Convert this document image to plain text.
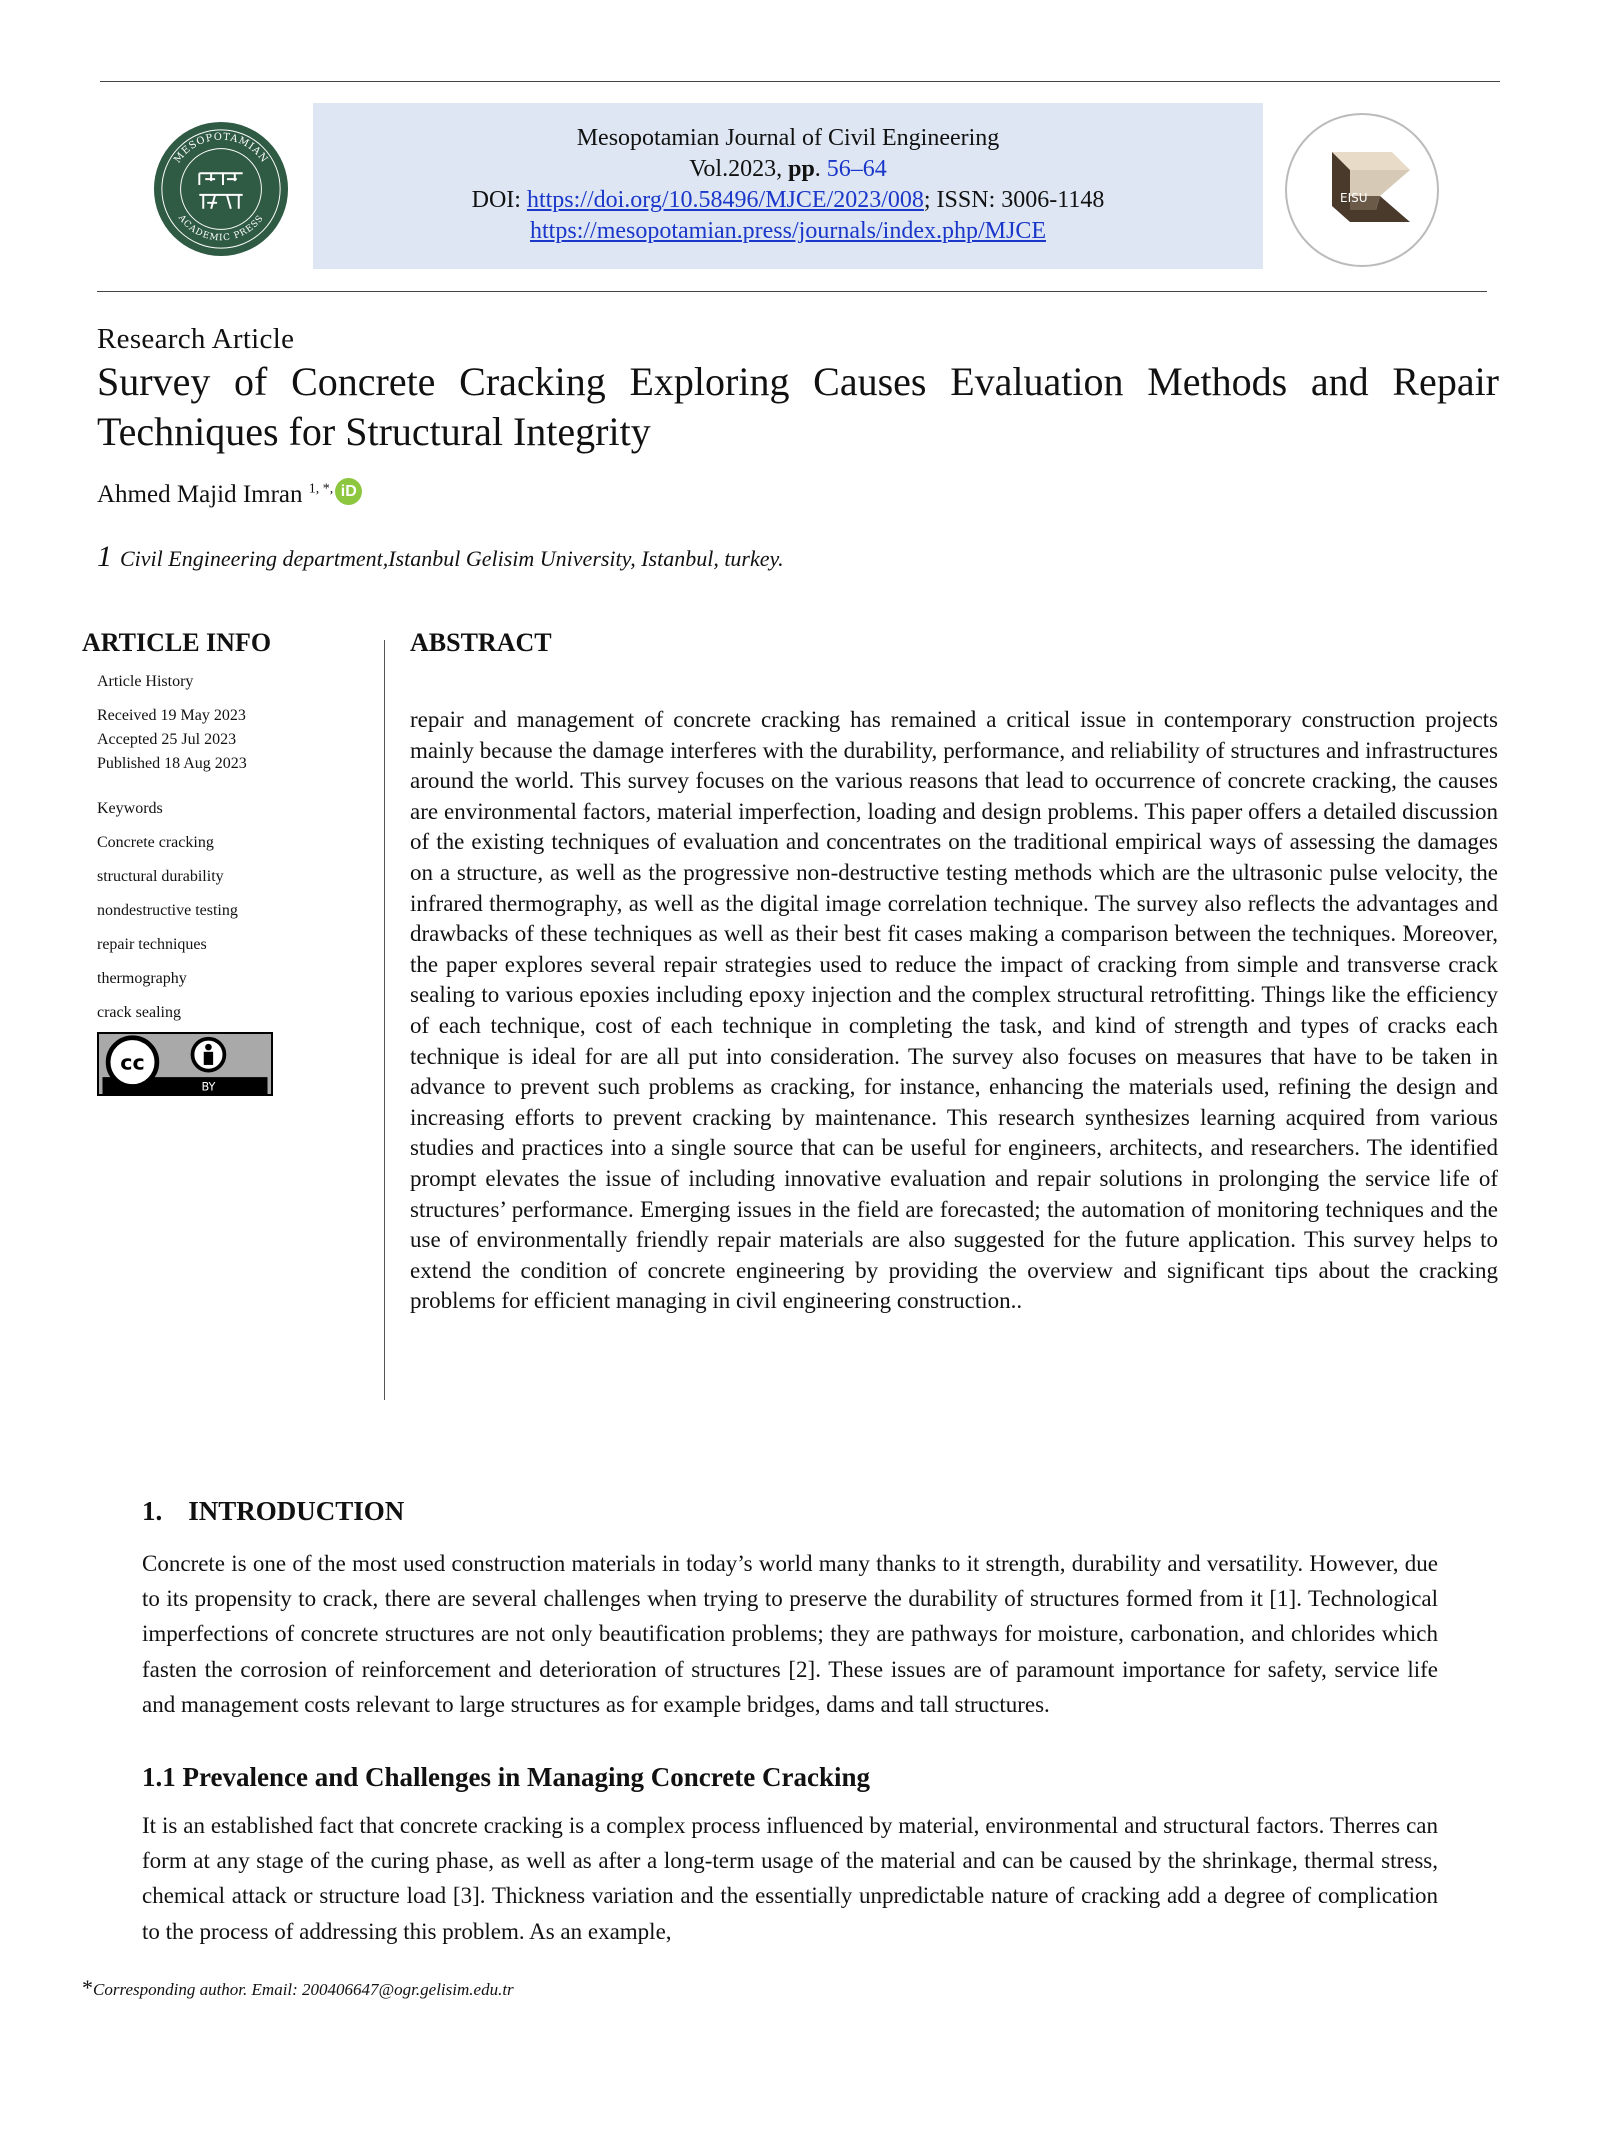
MESOPOTAMIAN
ACADEMIC PRESS
Mesopotamian Journal of Civil Engineering
Vol.2023, pp. 56–64
DOI: https://doi.org/10.58496/MJCE/2023/008; ISSN: 3006-1148
https://mesopotamian.press/journals/index.php/MJCE
EISU
Research Article
Survey of Concrete Cracking Exploring Causes Evaluation Methods and Repair Techniques for Structural Integrity
Ahmed Majid Imran $^{1, *,}$ iD
1 Civil Engineering department,Istanbul Gelisim University, Istanbul, turkey.
ARTICLE INFO
Article History
Received 19 May 2023
Accepted 25 Jul 2023
Published 18 Aug 2023
Keywords
Concrete cracking
structural durability
nondestructive testing
repair techniques
thermography
crack sealing
cc
BY
ABSTRACT

repair and management of concrete cracking has remained a critical issue in contemporary construction projects mainly because the damage interferes with the durability, performance, and reliability of structures and infrastructures around the world. This survey focuses on the various reasons that lead to occurrence of concrete cracking, the causes are environmental factors, material imperfection, loading and design problems. This paper offers a detailed discussion of the existing techniques of evaluation and concentrates on the traditional empirical ways of assessing the damages on a structure, as well as the progressive non-destructive testing methods which are the ultrasonic pulse velocity, the infrared thermography, as well as the digital image correlation technique. The survey also reflects the advantages and drawbacks of these techniques as well as their best fit cases making a comparison between the techniques. Moreover, the paper explores several repair strategies used to reduce the impact of cracking from simple and transverse crack sealing to various epoxies including epoxy injection and the complex structural retrofitting. Things like the efficiency of each technique, cost of each technique in completing the task, and kind of strength and types of cracks each technique is ideal for are all put into consideration. The survey also focuses on measures that have to be taken in advance to prevent such problems as cracking, for instance, enhancing the materials used, refining the design and increasing efforts to prevent cracking by maintenance. This research synthesizes learning acquired from various studies and practices into a single source that can be useful for engineers, architects, and researchers. The identified prompt elevates the issue of including innovative evaluation and repair solutions in prolonging the service life of structures’ performance. Emerging issues in the field are forecasted; the automation of monitoring techniques and the use of environmentally friendly repair materials are also suggested for the future application. This survey helps to extend the condition of concrete engineering by providing the overview and significant tips about the cracking problems for efficient managing in civil engineering construction..

1. INTRODUCTION

Concrete is one of the most used construction materials in today’s world many thanks to it strength, durability and versatility. However, due to its propensity to crack, there are several challenges when trying to preserve the durability of structures formed from it [1]. Technological imperfections of concrete structures are not only beautification problems; they are pathways for moisture, carbonation, and chlorides which fasten the corrosion of reinforcement and deterioration of structures [2]. These issues are of paramount importance for safety, service life and management costs relevant to large structures as for example bridges, dams and tall structures.

1.1 Prevalence and Challenges in Managing Concrete Cracking

It is an established fact that concrete cracking is a complex process influenced by material, environmental and structural factors. Therres can form at any stage of the curing phase, as well as after a long-term usage of the material and can be caused by the shrinkage, thermal stress, chemical attack or structure load [3]. Thickness variation and the essentially unpredictable nature of cracking add a degree of complication to the process of addressing this problem. As an example,

*Corresponding author. Email: 200406647@ogr.gelisim.edu.tr
